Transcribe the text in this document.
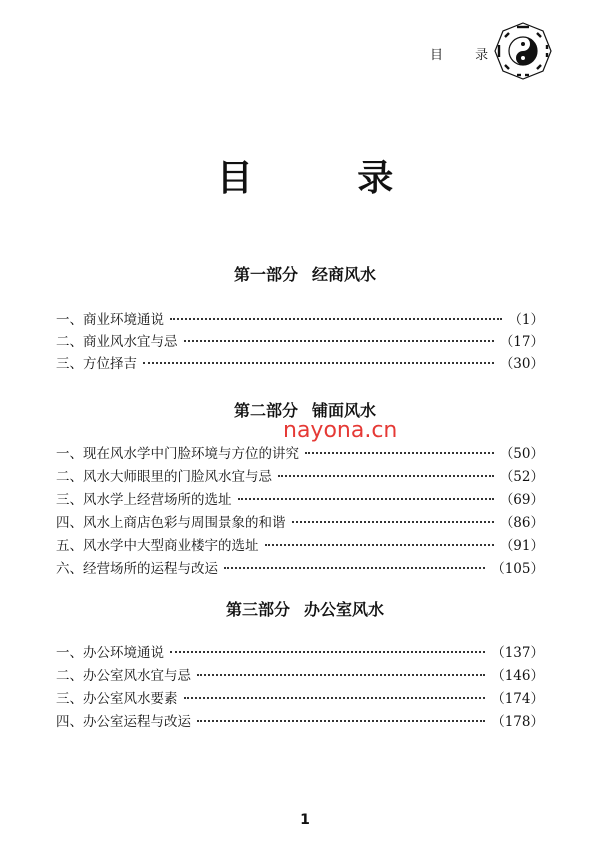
目 录
目 录
第一部分 经商风水
一、 商业环境通说	（1）
二、 商业风水宜与忌	（17）
三、 方位择吉	（30）
第二部分 铺面风水
一、 现在风水学中门脸环境与方位的讲究	（50）
二、 风水大师眼里的门脸风水宜与忌	（52）
三、 风水学上经营场所的选址	（69）
四、 风水上商店色彩与周围景象的和谐	（86）
五、 风水学中大型商业楼宇的选址	（91）
六、 经营场所的运程与改运	（105）
第三部分 办公室风水
一、 办公环境通说	（137）
二、 办公室风水宜与忌	（146）
三、 办公室风水要素	（174）
四、 办公室运程与改运	（178）
nayona.cn
1
